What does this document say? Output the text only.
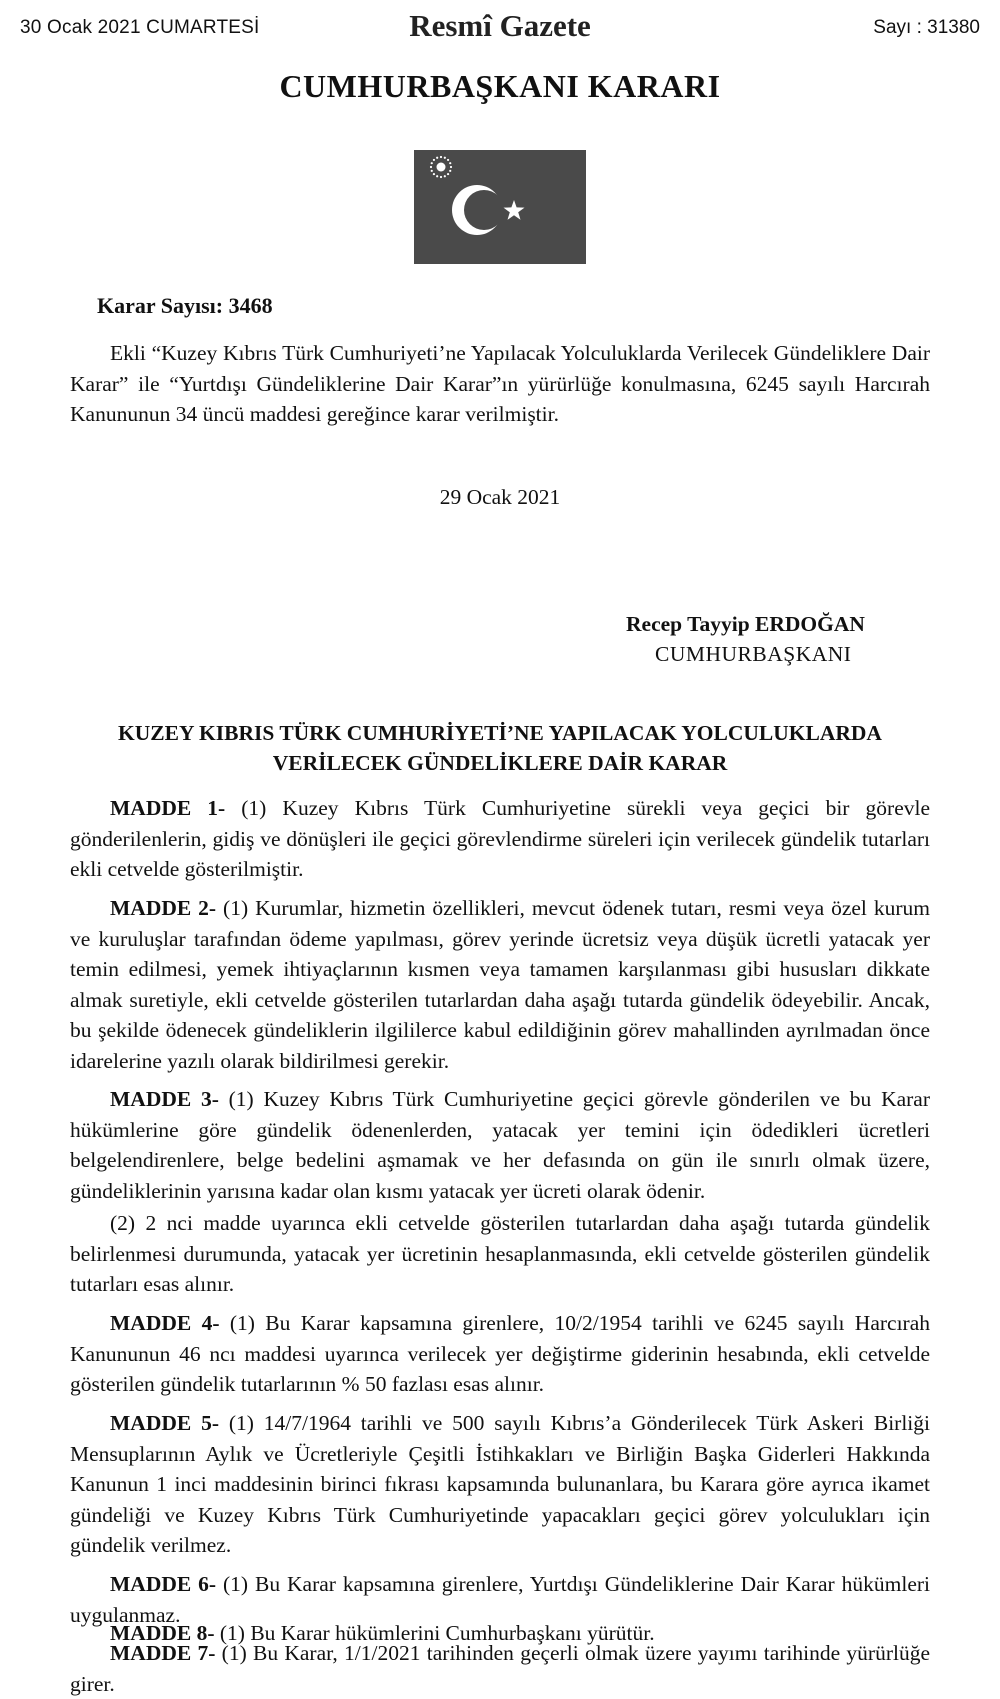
30 Ocak 2021 CUMARTESİ	Resmî Gazete	Sayı : 31380
CUMHURBAŞKANI KARARI
Karar Sayısı: 3468
Ekli “Kuzey Kıbrıs Türk Cumhuriyeti’ne Yapılacak Yolculuklarda Verilecek Gündeliklere Dair Karar” ile “Yurtdışı Gündeliklerine Dair Karar”ın yürürlüğe konulmasına, 6245 sayılı Harcırah Kanununun 34 üncü maddesi gereğince karar verilmiştir.
29 Ocak 2021
Recep Tayyip ERDOĞAN
CUMHURBAŞKANI
KUZEY KIBRIS TÜRK CUMHURİYETİ’NE YAPILACAK YOLCULUKLARDA VERİLECEK GÜNDELİKLERE DAİR KARAR
MADDE 1- (1) Kuzey Kıbrıs Türk Cumhuriyetine sürekli veya geçici bir görevle gönderilenlerin, gidiş ve dönüşleri ile geçici görevlendirme süreleri için verilecek gündelik tutarları ekli cetvelde gösterilmiştir.
MADDE 2- (1) Kurumlar, hizmetin özellikleri, mevcut ödenek tutarı, resmi veya özel kurum ve kuruluşlar tarafından ödeme yapılması, görev yerinde ücretsiz veya düşük ücretli yatacak yer temin edilmesi, yemek ihtiyaçlarının kısmen veya tamamen karşılanması gibi hususları dikkate almak suretiyle, ekli cetvelde gösterilen tutarlardan daha aşağı tutarda gündelik ödeyebilir. Ancak, bu şekilde ödenecek gündeliklerin ilgililerce kabul edildiğinin görev mahallinden ayrılmadan önce idarelerine yazılı olarak bildirilmesi gerekir.
MADDE 3- (1) Kuzey Kıbrıs Türk Cumhuriyetine geçici görevle gönderilen ve bu Karar hükümlerine göre gündelik ödenenlerden, yatacak yer temini için ödedikleri ücretleri belgelendirenlere, belge bedelini aşmamak ve her defasında on gün ile sınırlı olmak üzere, gündeliklerinin yarısına kadar olan kısmı yatacak yer ücreti olarak ödenir.
(2) 2 nci madde uyarınca ekli cetvelde gösterilen tutarlardan daha aşağı tutarda gündelik belirlenmesi durumunda, yatacak yer ücretinin hesaplanmasında, ekli cetvelde gösterilen gündelik tutarları esas alınır.
MADDE 4- (1) Bu Karar kapsamına girenlere, 10/2/1954 tarihli ve 6245 sayılı Harcırah Kanununun 46 ncı maddesi uyarınca verilecek yer değiştirme giderinin hesabında, ekli cetvelde gösterilen gündelik tutarlarının % 50 fazlası esas alınır.
MADDE 5- (1) 14/7/1964 tarihli ve 500 sayılı Kıbrıs’a Gönderilecek Türk Askeri Birliği Mensuplarının Aylık ve Ücretleriyle Çeşitli İstihkakları ve Birliğin Başka Giderleri Hakkında Kanunun 1 inci maddesinin birinci fıkrası kapsamında bulunanlara, bu Karara göre ayrıca ikamet gündeliği ve Kuzey Kıbrıs Türk Cumhuriyetinde yapacakları geçici görev yolculukları için gündelik verilmez.
MADDE 6- (1) Bu Karar kapsamına girenlere, Yurtdışı Gündeliklerine Dair Karar hükümleri uygulanmaz.
MADDE 7- (1) Bu Karar, 1/1/2021 tarihinden geçerli olmak üzere yayımı tarihinde yürürlüğe girer.
MADDE 8- (1) Bu Karar hükümlerini Cumhurbaşkanı yürütür.
